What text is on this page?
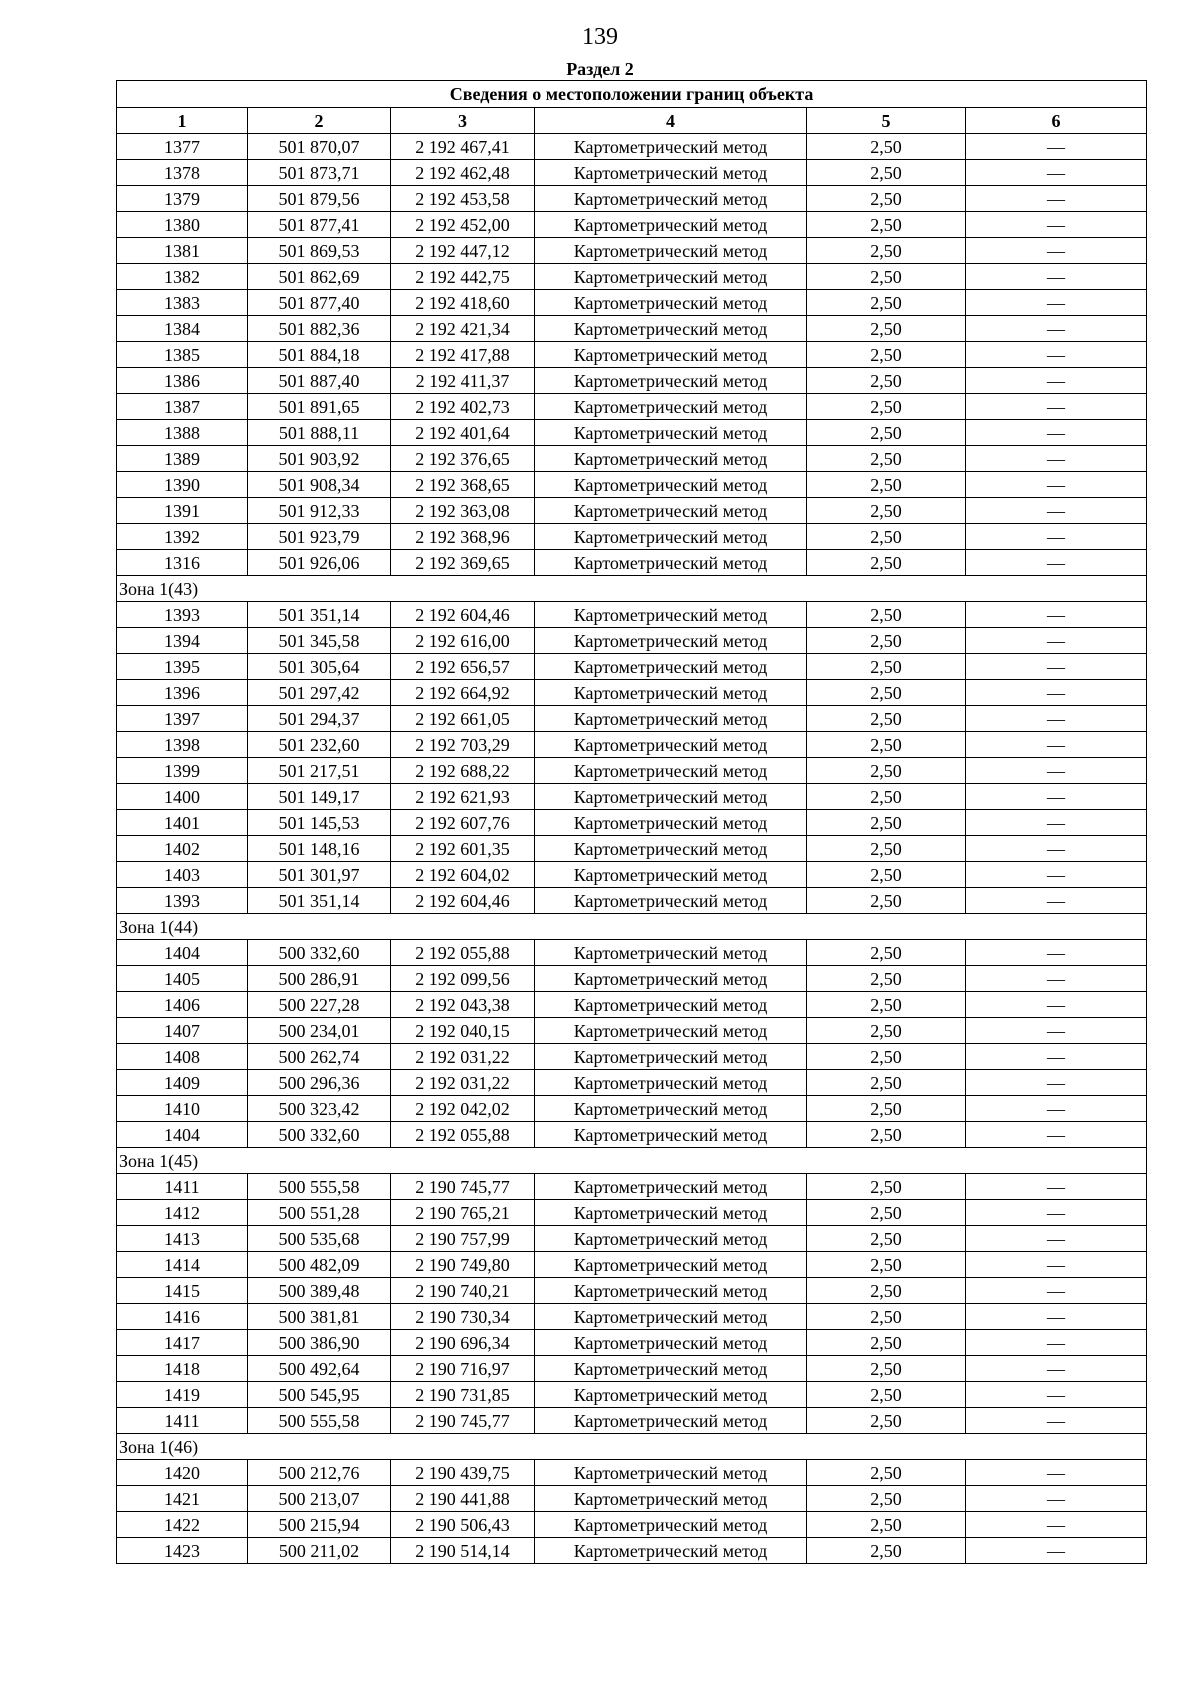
139
Раздел 2
Сведения о местоположении границ объекта					
1	2	3	4	5	6
1377	501 870,07	2 192 467,41	Картометрический метод	2,50	—
1378	501 873,71	2 192 462,48	Картометрический метод	2,50	—
1379	501 879,56	2 192 453,58	Картометрический метод	2,50	—
1380	501 877,41	2 192 452,00	Картометрический метод	2,50	—
1381	501 869,53	2 192 447,12	Картометрический метод	2,50	—
1382	501 862,69	2 192 442,75	Картометрический метод	2,50	—
1383	501 877,40	2 192 418,60	Картометрический метод	2,50	—
1384	501 882,36	2 192 421,34	Картометрический метод	2,50	—
1385	501 884,18	2 192 417,88	Картометрический метод	2,50	—
1386	501 887,40	2 192 411,37	Картометрический метод	2,50	—
1387	501 891,65	2 192 402,73	Картометрический метод	2,50	—
1388	501 888,11	2 192 401,64	Картометрический метод	2,50	—
1389	501 903,92	2 192 376,65	Картометрический метод	2,50	—
1390	501 908,34	2 192 368,65	Картометрический метод	2,50	—
1391	501 912,33	2 192 363,08	Картометрический метод	2,50	—
1392	501 923,79	2 192 368,96	Картометрический метод	2,50	—
1316	501 926,06	2 192 369,65	Картометрический метод	2,50	—
Зона 1(43)					
1393	501 351,14	2 192 604,46	Картометрический метод	2,50	—
1394	501 345,58	2 192 616,00	Картометрический метод	2,50	—
1395	501 305,64	2 192 656,57	Картометрический метод	2,50	—
1396	501 297,42	2 192 664,92	Картометрический метод	2,50	—
1397	501 294,37	2 192 661,05	Картометрический метод	2,50	—
1398	501 232,60	2 192 703,29	Картометрический метод	2,50	—
1399	501 217,51	2 192 688,22	Картометрический метод	2,50	—
1400	501 149,17	2 192 621,93	Картометрический метод	2,50	—
1401	501 145,53	2 192 607,76	Картометрический метод	2,50	—
1402	501 148,16	2 192 601,35	Картометрический метод	2,50	—
1403	501 301,97	2 192 604,02	Картометрический метод	2,50	—
1393	501 351,14	2 192 604,46	Картометрический метод	2,50	—
Зона 1(44)					
1404	500 332,60	2 192 055,88	Картометрический метод	2,50	—
1405	500 286,91	2 192 099,56	Картометрический метод	2,50	—
1406	500 227,28	2 192 043,38	Картометрический метод	2,50	—
1407	500 234,01	2 192 040,15	Картометрический метод	2,50	—
1408	500 262,74	2 192 031,22	Картометрический метод	2,50	—
1409	500 296,36	2 192 031,22	Картометрический метод	2,50	—
1410	500 323,42	2 192 042,02	Картометрический метод	2,50	—
1404	500 332,60	2 192 055,88	Картометрический метод	2,50	—
Зона 1(45)					
1411	500 555,58	2 190 745,77	Картометрический метод	2,50	—
1412	500 551,28	2 190 765,21	Картометрический метод	2,50	—
1413	500 535,68	2 190 757,99	Картометрический метод	2,50	—
1414	500 482,09	2 190 749,80	Картометрический метод	2,50	—
1415	500 389,48	2 190 740,21	Картометрический метод	2,50	—
1416	500 381,81	2 190 730,34	Картометрический метод	2,50	—
1417	500 386,90	2 190 696,34	Картометрический метод	2,50	—
1418	500 492,64	2 190 716,97	Картометрический метод	2,50	—
1419	500 545,95	2 190 731,85	Картометрический метод	2,50	—
1411	500 555,58	2 190 745,77	Картометрический метод	2,50	—
Зона 1(46)					
1420	500 212,76	2 190 439,75	Картометрический метод	2,50	—
1421	500 213,07	2 190 441,88	Картометрический метод	2,50	—
1422	500 215,94	2 190 506,43	Картометрический метод	2,50	—
1423	500 211,02	2 190 514,14	Картометрический метод	2,50	—
